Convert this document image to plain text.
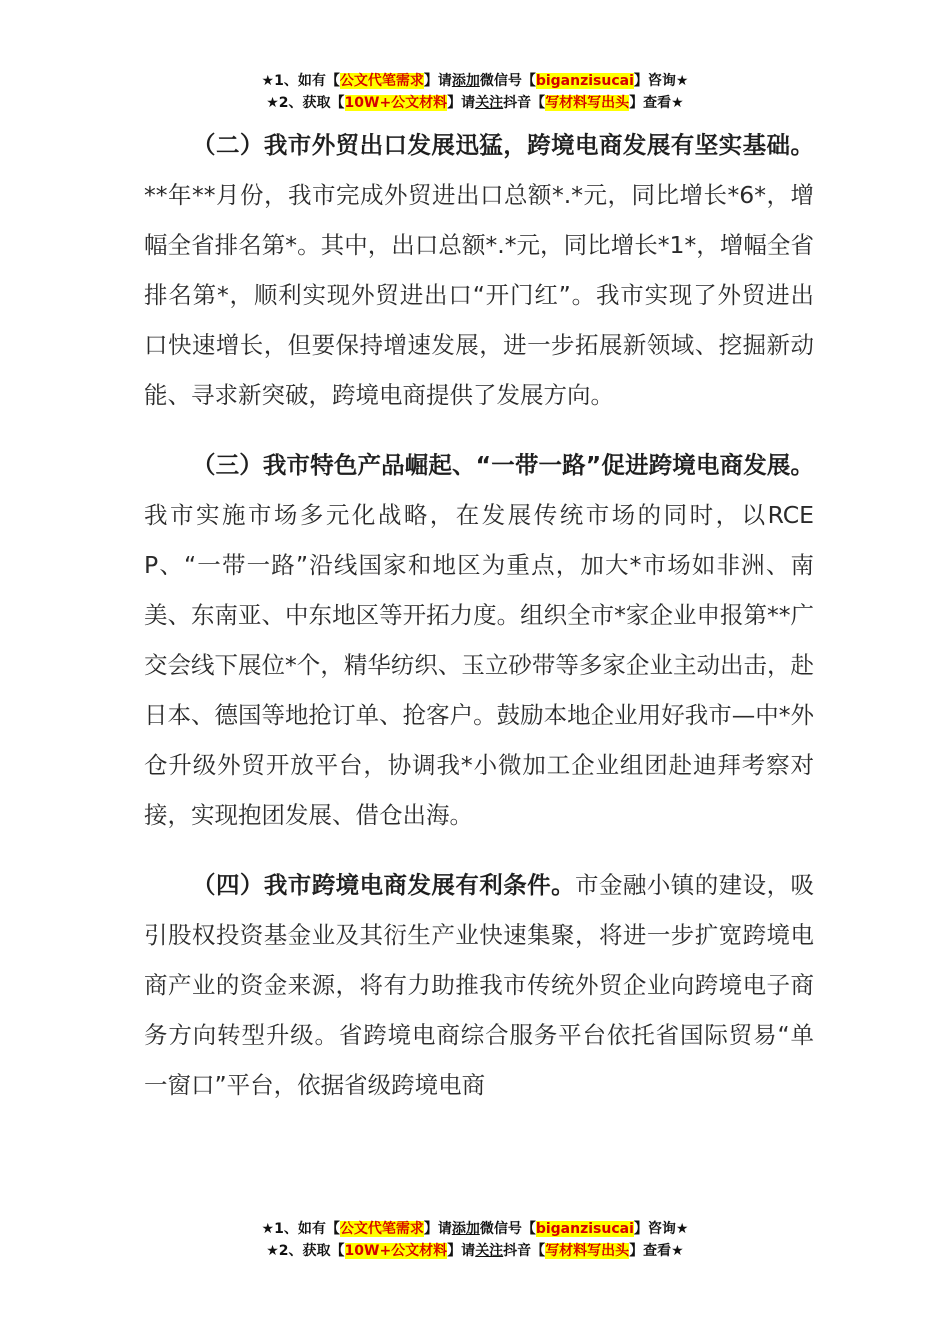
★1、如有【公文代笔需求】请添加微信号【biganzisucai】咨询★
★2、获取【10W+公文材料】请关注抖音【写材料写出头】查看★

（二）我市外贸出口发展迅猛，跨境电商发展有坚实基础。**年**月份，我市完成外贸进出口总额*.*元，同比增长*6*，增幅全省排名第*。其中，出口总额*.*元，同比增长*1*，增幅全省排名第*，顺利实现外贸进出口“开门红”。我市实现了外贸进出口快速增长，但要保持增速发展，进一步拓展新领域、挖掘新动能、寻求新突破，跨境电商提供了发展方向。

（三）我市特色产品崛起、“一带一路”促进跨境电商发展。我市实施市场多元化战略，在发展传统市场的同时，以RCEP、“一带一路”沿线国家和地区为重点，加大*市场如非洲、南美、东南亚、中东地区等开拓力度。组织全市*家企业申报第**广交会线下展位*个，精华纺织、玉立砂带等多家企业主动出击，赴日本、德国等地抢订单、抢客户。鼓励本地企业用好我市—中*外仓升级外贸开放平台，协调我*小微加工企业组团赴迪拜考察对接，实现抱团发展、借仓出海。

（四）我市跨境电商发展有利条件。市金融小镇的建设，吸引股权投资基金业及其衍生产业快速集聚，将进一步扩宽跨境电商产业的资金来源，将有力助推我市传统外贸企业向跨境电子商务方向转型升级。省跨境电商综合服务平台依托省国际贸易“单一窗口”平台，依据省级跨境电商

★1、如有【公文代笔需求】请添加微信号【biganzisucai】咨询★
★2、获取【10W+公文材料】请关注抖音【写材料写出头】查看★
